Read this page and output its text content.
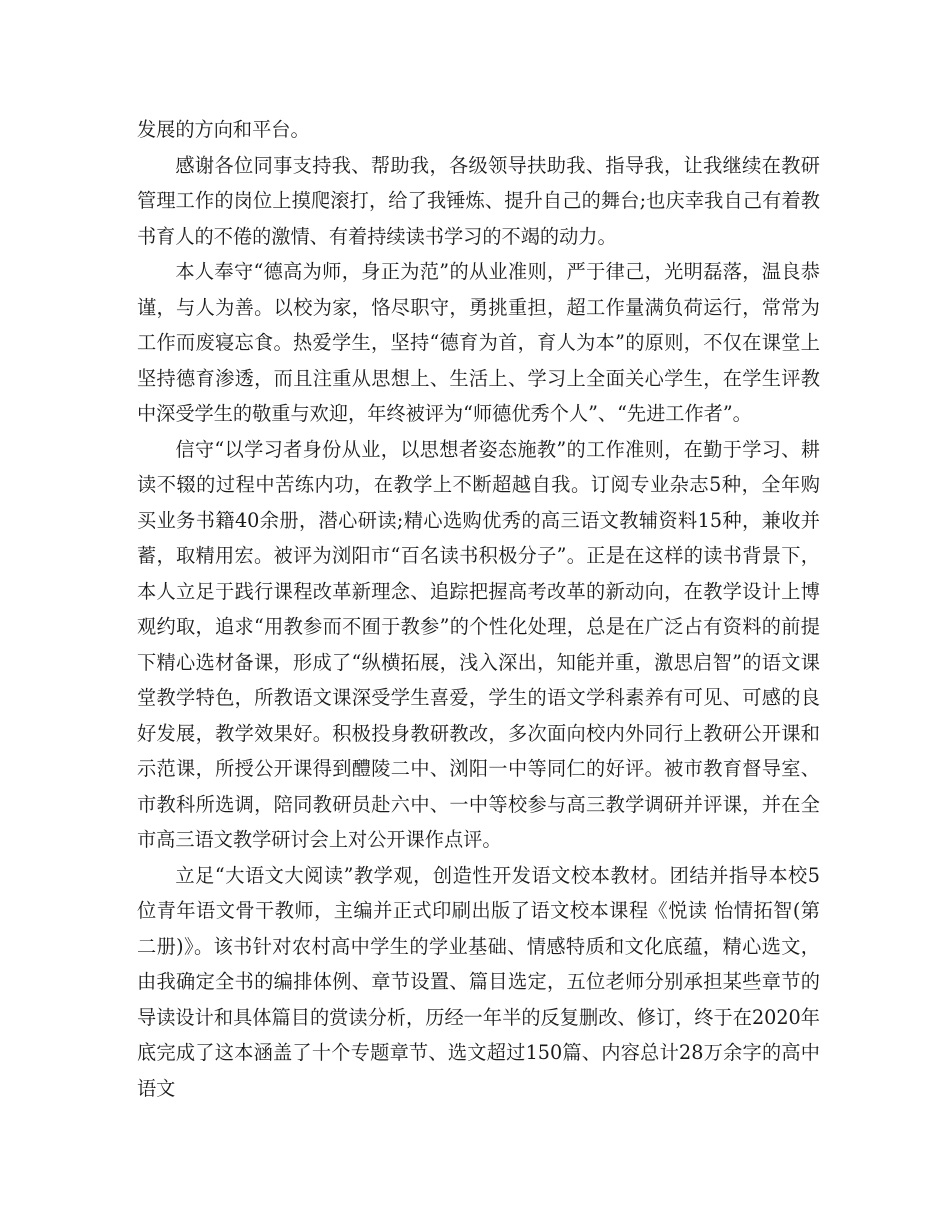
发展的方向和平台。

感谢各位同事支持我、帮助我，各级领导扶助我、指导我，让我继续在教研管理工作的岗位上摸爬滚打，给了我锤炼、提升自己的舞台;也庆幸我自己有着教书育人的不倦的激情、有着持续读书学习的不竭的动力。

本人奉守“德高为师，身正为范”的从业准则，严于律己，光明磊落，温良恭谨，与人为善。以校为家，恪尽职守，勇挑重担，超工作量满负荷运行，常常为工作而废寝忘食。热爱学生，坚持“德育为首，育人为本”的原则，不仅在课堂上坚持德育渗透，而且注重从思想上、生活上、学习上全面关心学生，在学生评教中深受学生的敬重与欢迎，年终被评为“师德优秀个人”、“先进工作者”。

信守“以学习者身份从业，以思想者姿态施教”的工作准则，在勤于学习、耕读不辍的过程中苦练内功，在教学上不断超越自我。订阅专业杂志5种，全年购买业务书籍40余册，潜心研读;精心选购优秀的高三语文教辅资料15种，兼收并蓄，取精用宏。被评为浏阳市“百名读书积极分子”。正是在这样的读书背景下，本人立足于践行课程改革新理念、追踪把握高考改革的新动向，在教学设计上博观约取，追求“用教参而不囿于教参”的个性化处理，总是在广泛占有资料的前提下精心选材备课，形成了“纵横拓展，浅入深出，知能并重，激思启智”的语文课堂教学特色，所教语文课深受学生喜爱，学生的语文学科素养有可见、可感的良好发展，教学效果好。积极投身教研教改，多次面向校内外同行上教研公开课和示范课，所授公开课得到醴陵二中、浏阳一中等同仁的好评。被市教育督导室、市教科所选调，陪同教研员赴六中、一中等校参与高三教学调研并评课，并在全市高三语文教学研讨会上对公开课作点评。

立足“大语文大阅读”教学观，创造性开发语文校本教材。团结并指导本校5位青年语文骨干教师，主编并正式印刷出版了语文校本课程《悦读 怡情拓智(第二册)》。该书针对农村高中学生的学业基础、情感特质和文化底蕴，精心选文，由我确定全书的编排体例、章节设置、篇目选定，五位老师分别承担某些章节的导读设计和具体篇目的赏读分析，历经一年半的反复删改、修订，终于在2020年底完成了这本涵盖了十个专题章节、选文超过150篇、内容总计28万余字的高中语文
